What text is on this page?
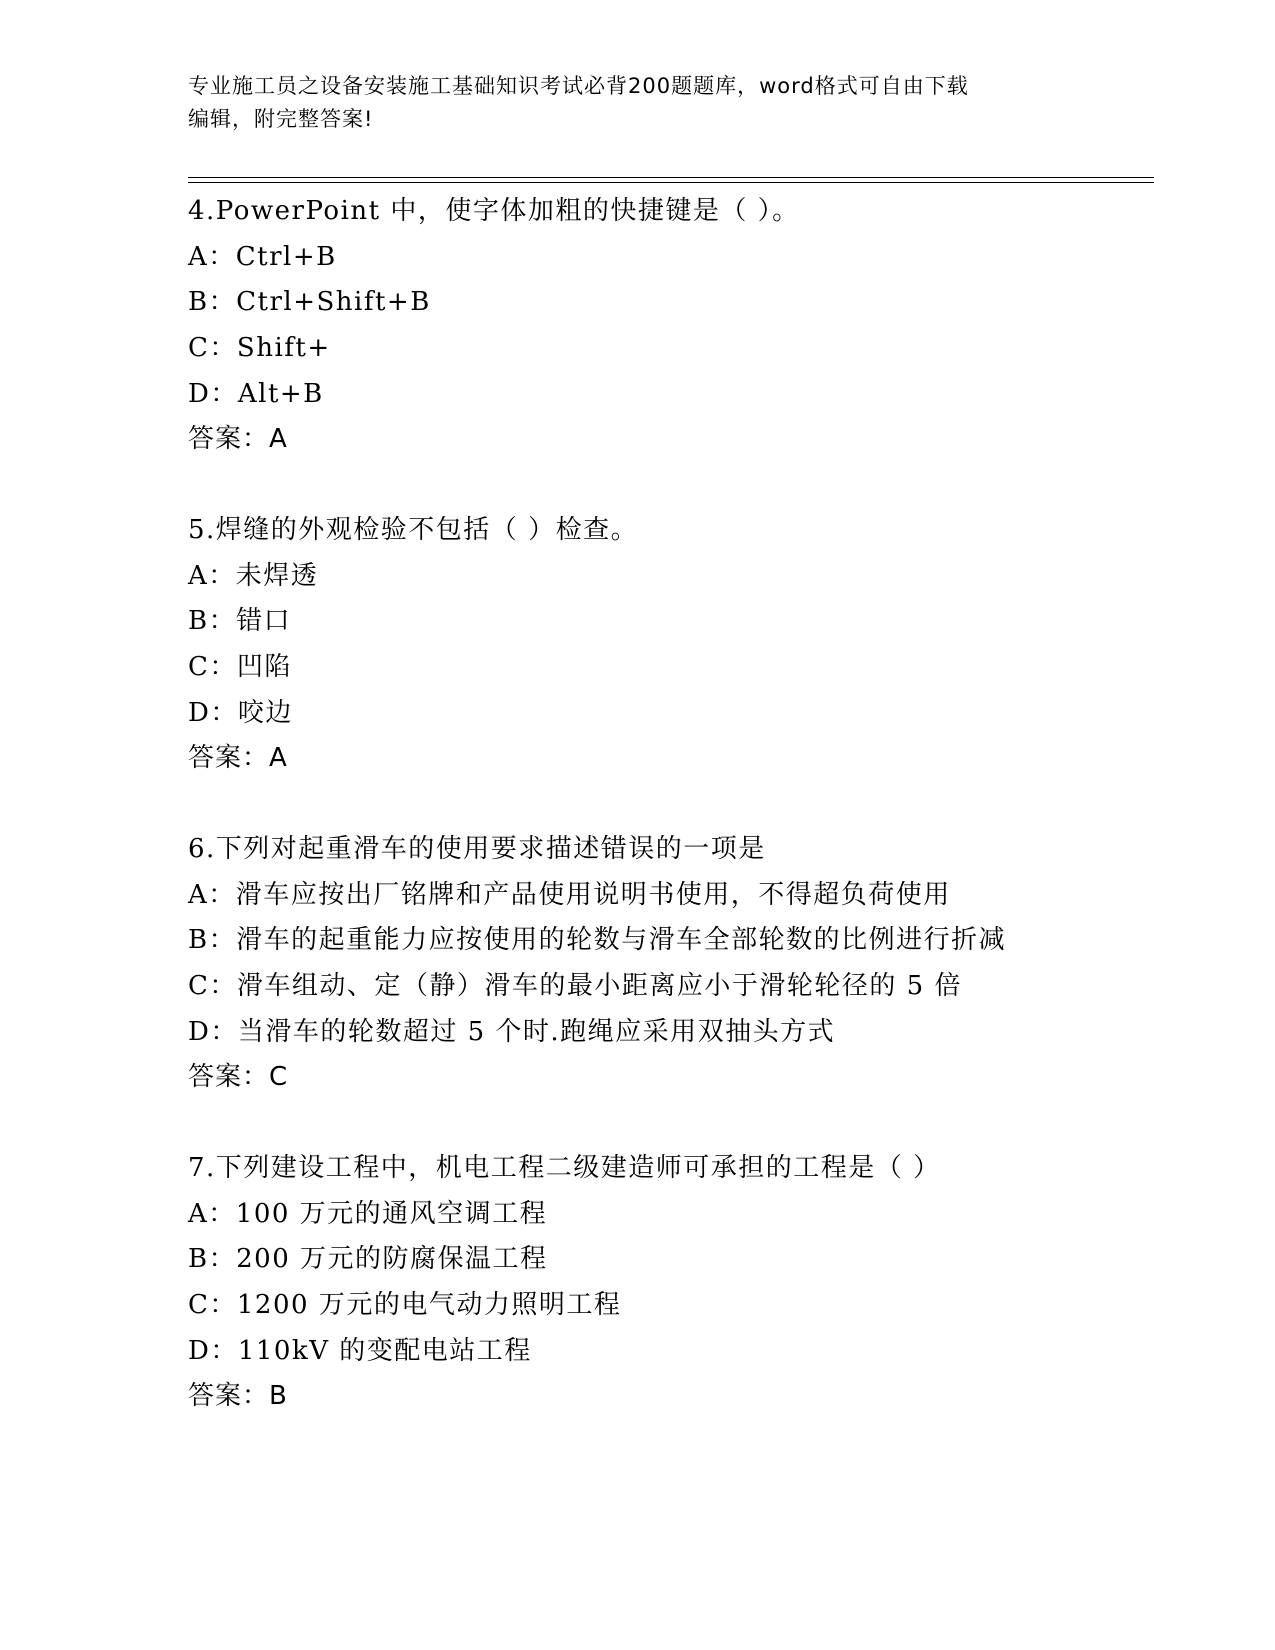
专业施工员之设备安装施工基础知识考试必背200题题库，word格式可自由下载
编辑，附完整答案!
4.PowerPoint 中，使字体加粗的快捷键是（ ）。
A：Ctrl+B
B：Ctrl+Shift+B
C：Shift+
D：Alt+B
答案：A
5.焊缝的外观检验不包括（ ）检查。
A：未焊透
B：错口
C：凹陷
D：咬边
答案：A
6.下列对起重滑车的使用要求描述错误的一项是
A：滑车应按出厂铭牌和产品使用说明书使用，不得超负荷使用
B：滑车的起重能力应按使用的轮数与滑车全部轮数的比例进行折减
C：滑车组动、定（静）滑车的最小距离应小于滑轮轮径的 5 倍
D：当滑车的轮数超过 5 个时.跑绳应采用双抽头方式
答案：C
7.下列建设工程中，机电工程二级建造师可承担的工程是（ ）
A：100 万元的通风空调工程
B：200 万元的防腐保温工程
C：1200 万元的电气动力照明工程
D：110kV 的变配电站工程
答案：B
